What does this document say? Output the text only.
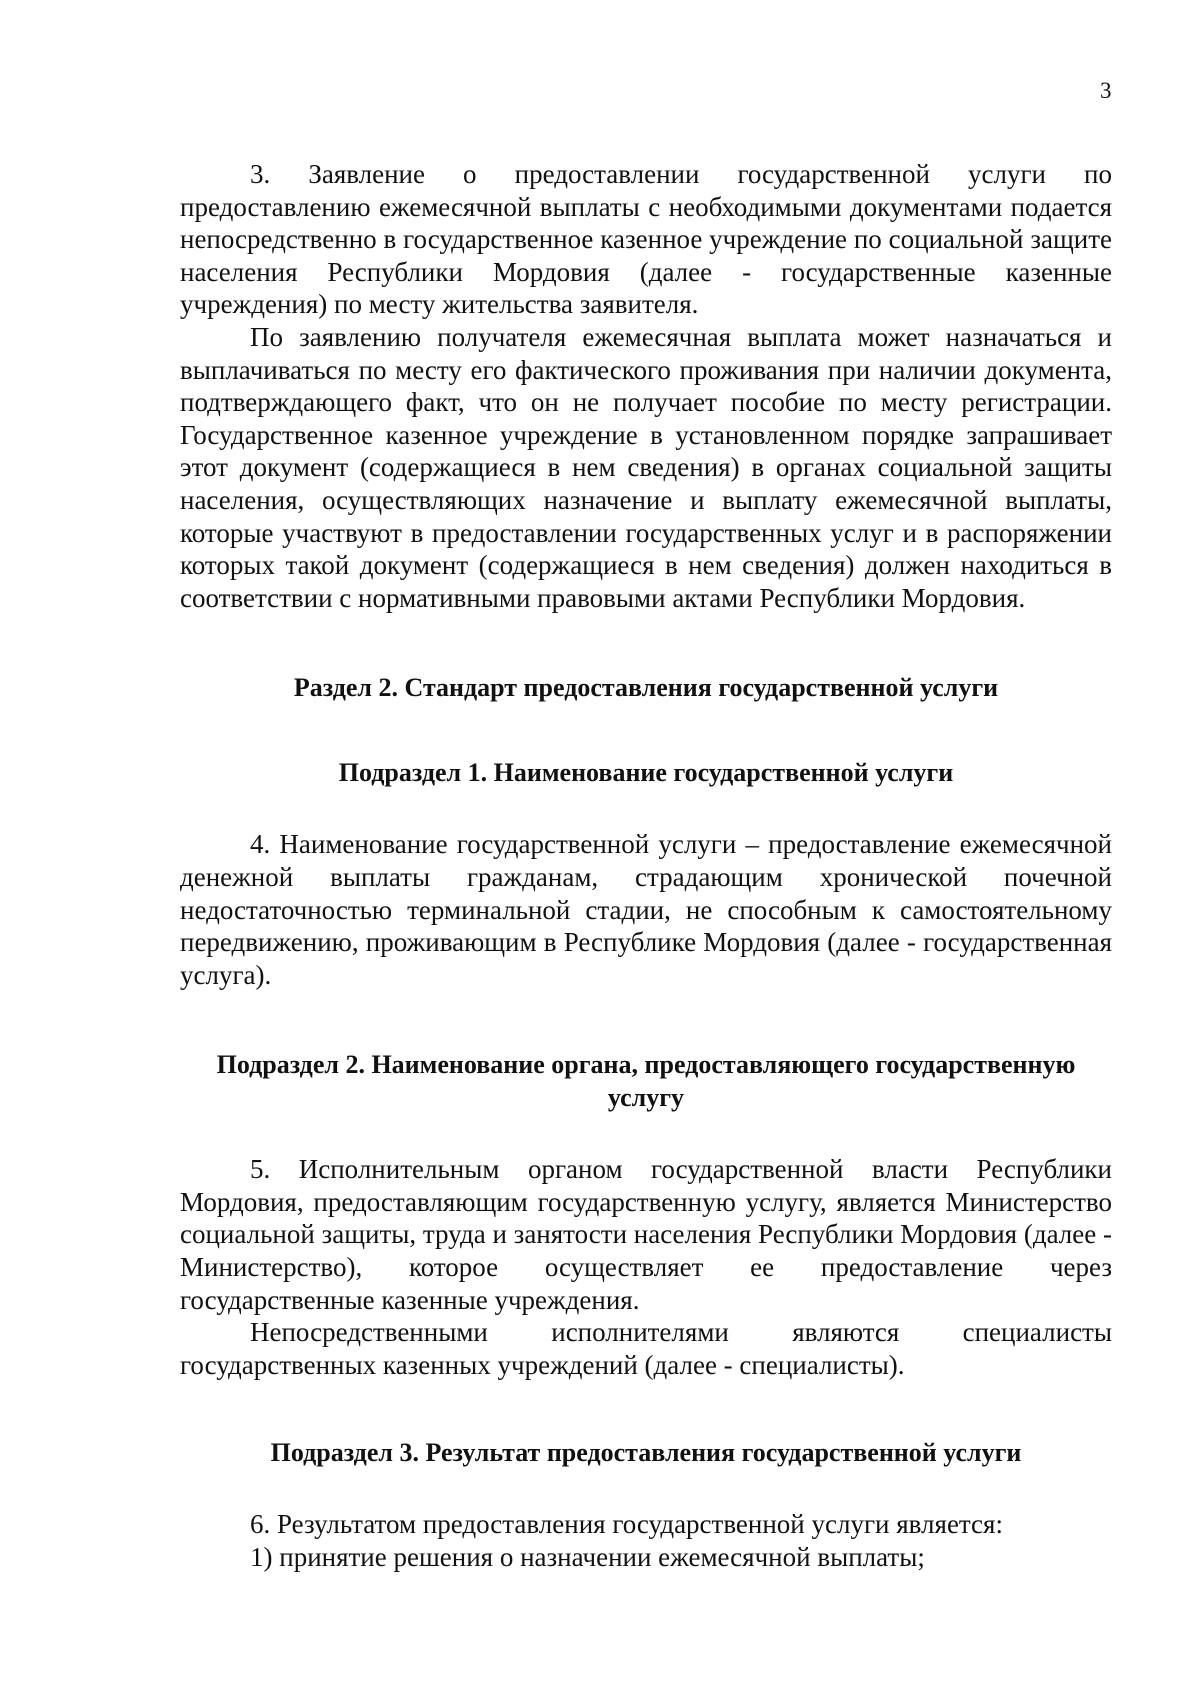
3

3. Заявление о предоставлении государственной услуги по предоставлению ежемесячной выплаты с необходимыми документами подается непосредственно в государственное казенное учреждение по социальной защите населения Республики Мордовия (далее - государственные казенные учреждения) по месту жительства заявителя.

По заявлению получателя ежемесячная выплата может назначаться и выплачиваться по месту его фактического проживания при наличии документа, подтверждающего факт, что он не получает пособие по месту регистрации. Государственное казенное учреждение в установленном порядке запрашивает этот документ (содержащиеся в нем сведения) в органах социальной защиты населения, осуществляющих назначение и выплату ежемесячной выплаты, которые участвуют в предоставлении государственных услуг и в распоряжении которых такой документ (содержащиеся в нем сведения) должен находиться в соответствии с нормативными правовыми актами Республики Мордовия.

Раздел 2. Стандарт предоставления государственной услуги
Подраздел 1. Наименование государственной услуги

4. Наименование государственной услуги – предоставление ежемесячной денежной выплаты гражданам, страдающим хронической почечной недостаточностью терминальной стадии, не способным к самостоятельному передвижению, проживающим в Республике Мордовия (далее - государственная услуга).

Подраздел 2. Наименование органа, предоставляющего государственную услугу

5. Исполнительным органом государственной власти Республики Мордовия, предоставляющим государственную услугу, является Министерство социальной защиты, труда и занятости населения Республики Мордовия (далее - Министерство), которое осуществляет ее предоставление через государственные казенные учреждения.

Непосредственными исполнителями являются специалисты государственных казенных учреждений (далее - специалисты).

Подраздел 3. Результат предоставления государственной услуги

6. Результатом предоставления государственной услуги является:

1) принятие решения о назначении ежемесячной выплаты;
